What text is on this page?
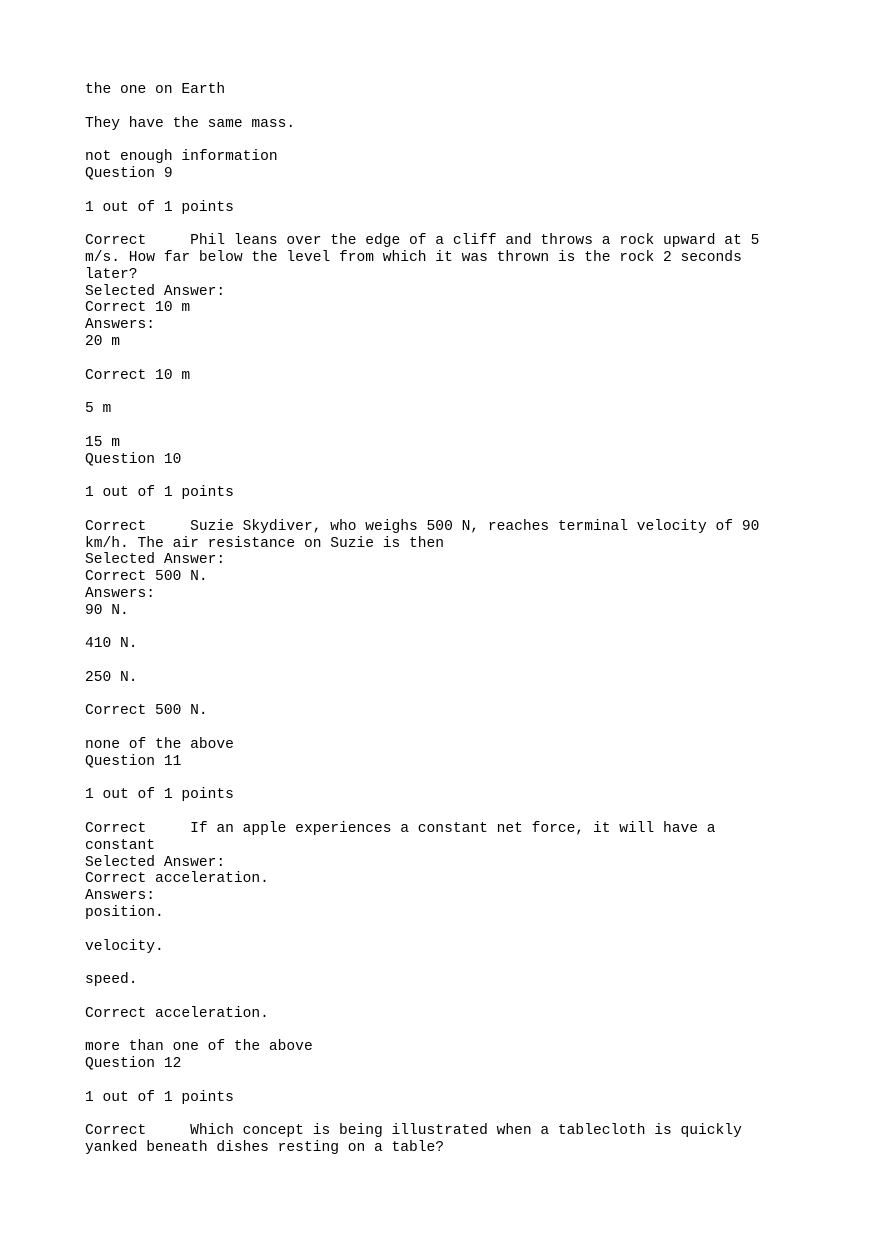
the one on Earth
They have the same mass.
not enough information
Question 9
1 out of 1 points
Correct     Phil leans over the edge of a cliff and throws a rock upward at 5
m/s. How far below the level from which it was thrown is the rock 2 seconds
later?
Selected Answer:
Correct 10 m
Answers:
20 m
Correct 10 m
5 m
15 m
Question 10
1 out of 1 points
Correct     Suzie Skydiver, who weighs 500 N, reaches terminal velocity of 90
km/h. The air resistance on Suzie is then
Selected Answer:
Correct 500 N.
Answers:
90 N.
410 N.
250 N.
Correct 500 N.
none of the above
Question 11
1 out of 1 points
Correct     If an apple experiences a constant net force, it will have a
constant
Selected Answer:
Correct acceleration.
Answers:
position.
velocity.
speed.
Correct acceleration.
more than one of the above
Question 12
1 out of 1 points
Correct     Which concept is being illustrated when a tablecloth is quickly
yanked beneath dishes resting on a table?
